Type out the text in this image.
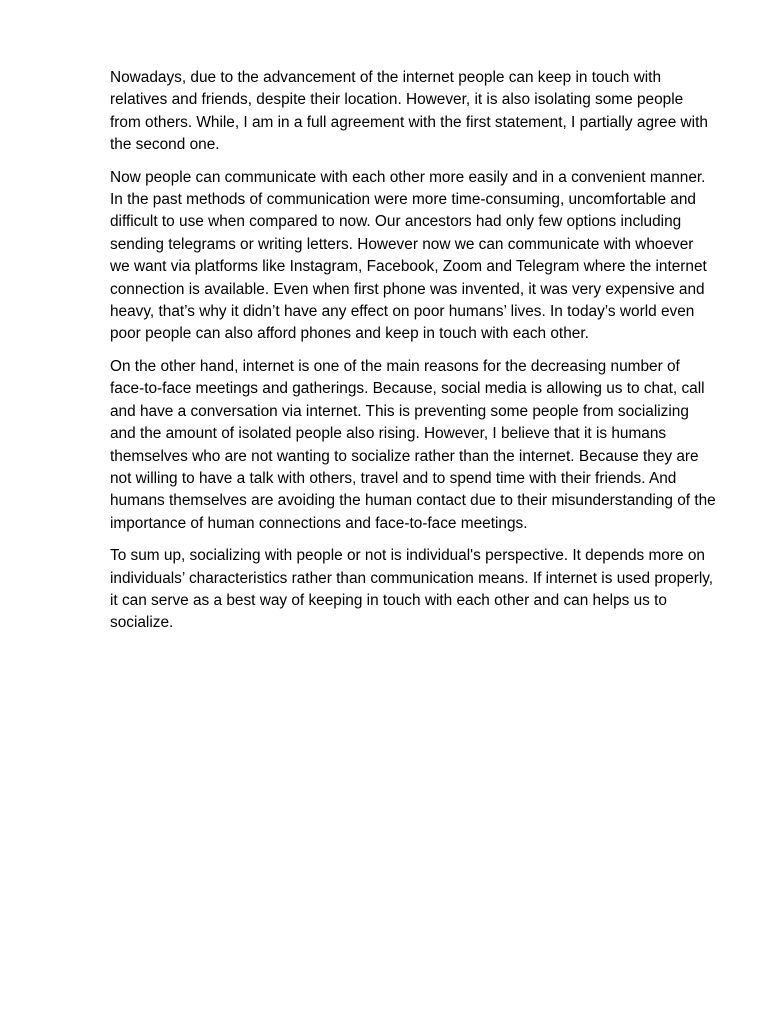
Nowadays, due to the advancement of the internet people can keep in touch with relatives and friends, despite their location. However, it is also isolating some people from others. While, I am in a full agreement with the first statement, I partially agree with the second one.

Now people can communicate with each other more easily and in a convenient manner. In the past methods of communication were more time-consuming, uncomfortable and difficult to use when compared to now. Our ancestors had only few options including sending telegrams or writing letters. However now we can communicate with whoever we want via platforms like Instagram, Facebook, Zoom and Telegram where the internet connection is available. Even when first phone was invented, it was very expensive and heavy, that’s why it didn’t have any effect on poor humans’ lives. In today’s world even poor people can also afford phones and keep in touch with each other.

On the other hand, internet is one of the main reasons for the decreasing number of face-to-face meetings and gatherings. Because, social media is allowing us to chat, call and have a conversation via internet. This is preventing some people from socializing and the amount of isolated people also rising. However, I believe that it is humans themselves who are not wanting to socialize rather than the internet. Because they are not willing to have a talk with others, travel and to spend time with their friends. And humans themselves are avoiding the human contact due to their misunderstanding of the importance of human connections and face-to-face meetings.

To sum up, socializing with people or not is individual's perspective. It depends more on individuals’ characteristics rather than communication means. If internet is used properly, it can serve as a best way of keeping in touch with each other and can helps us to socialize.
